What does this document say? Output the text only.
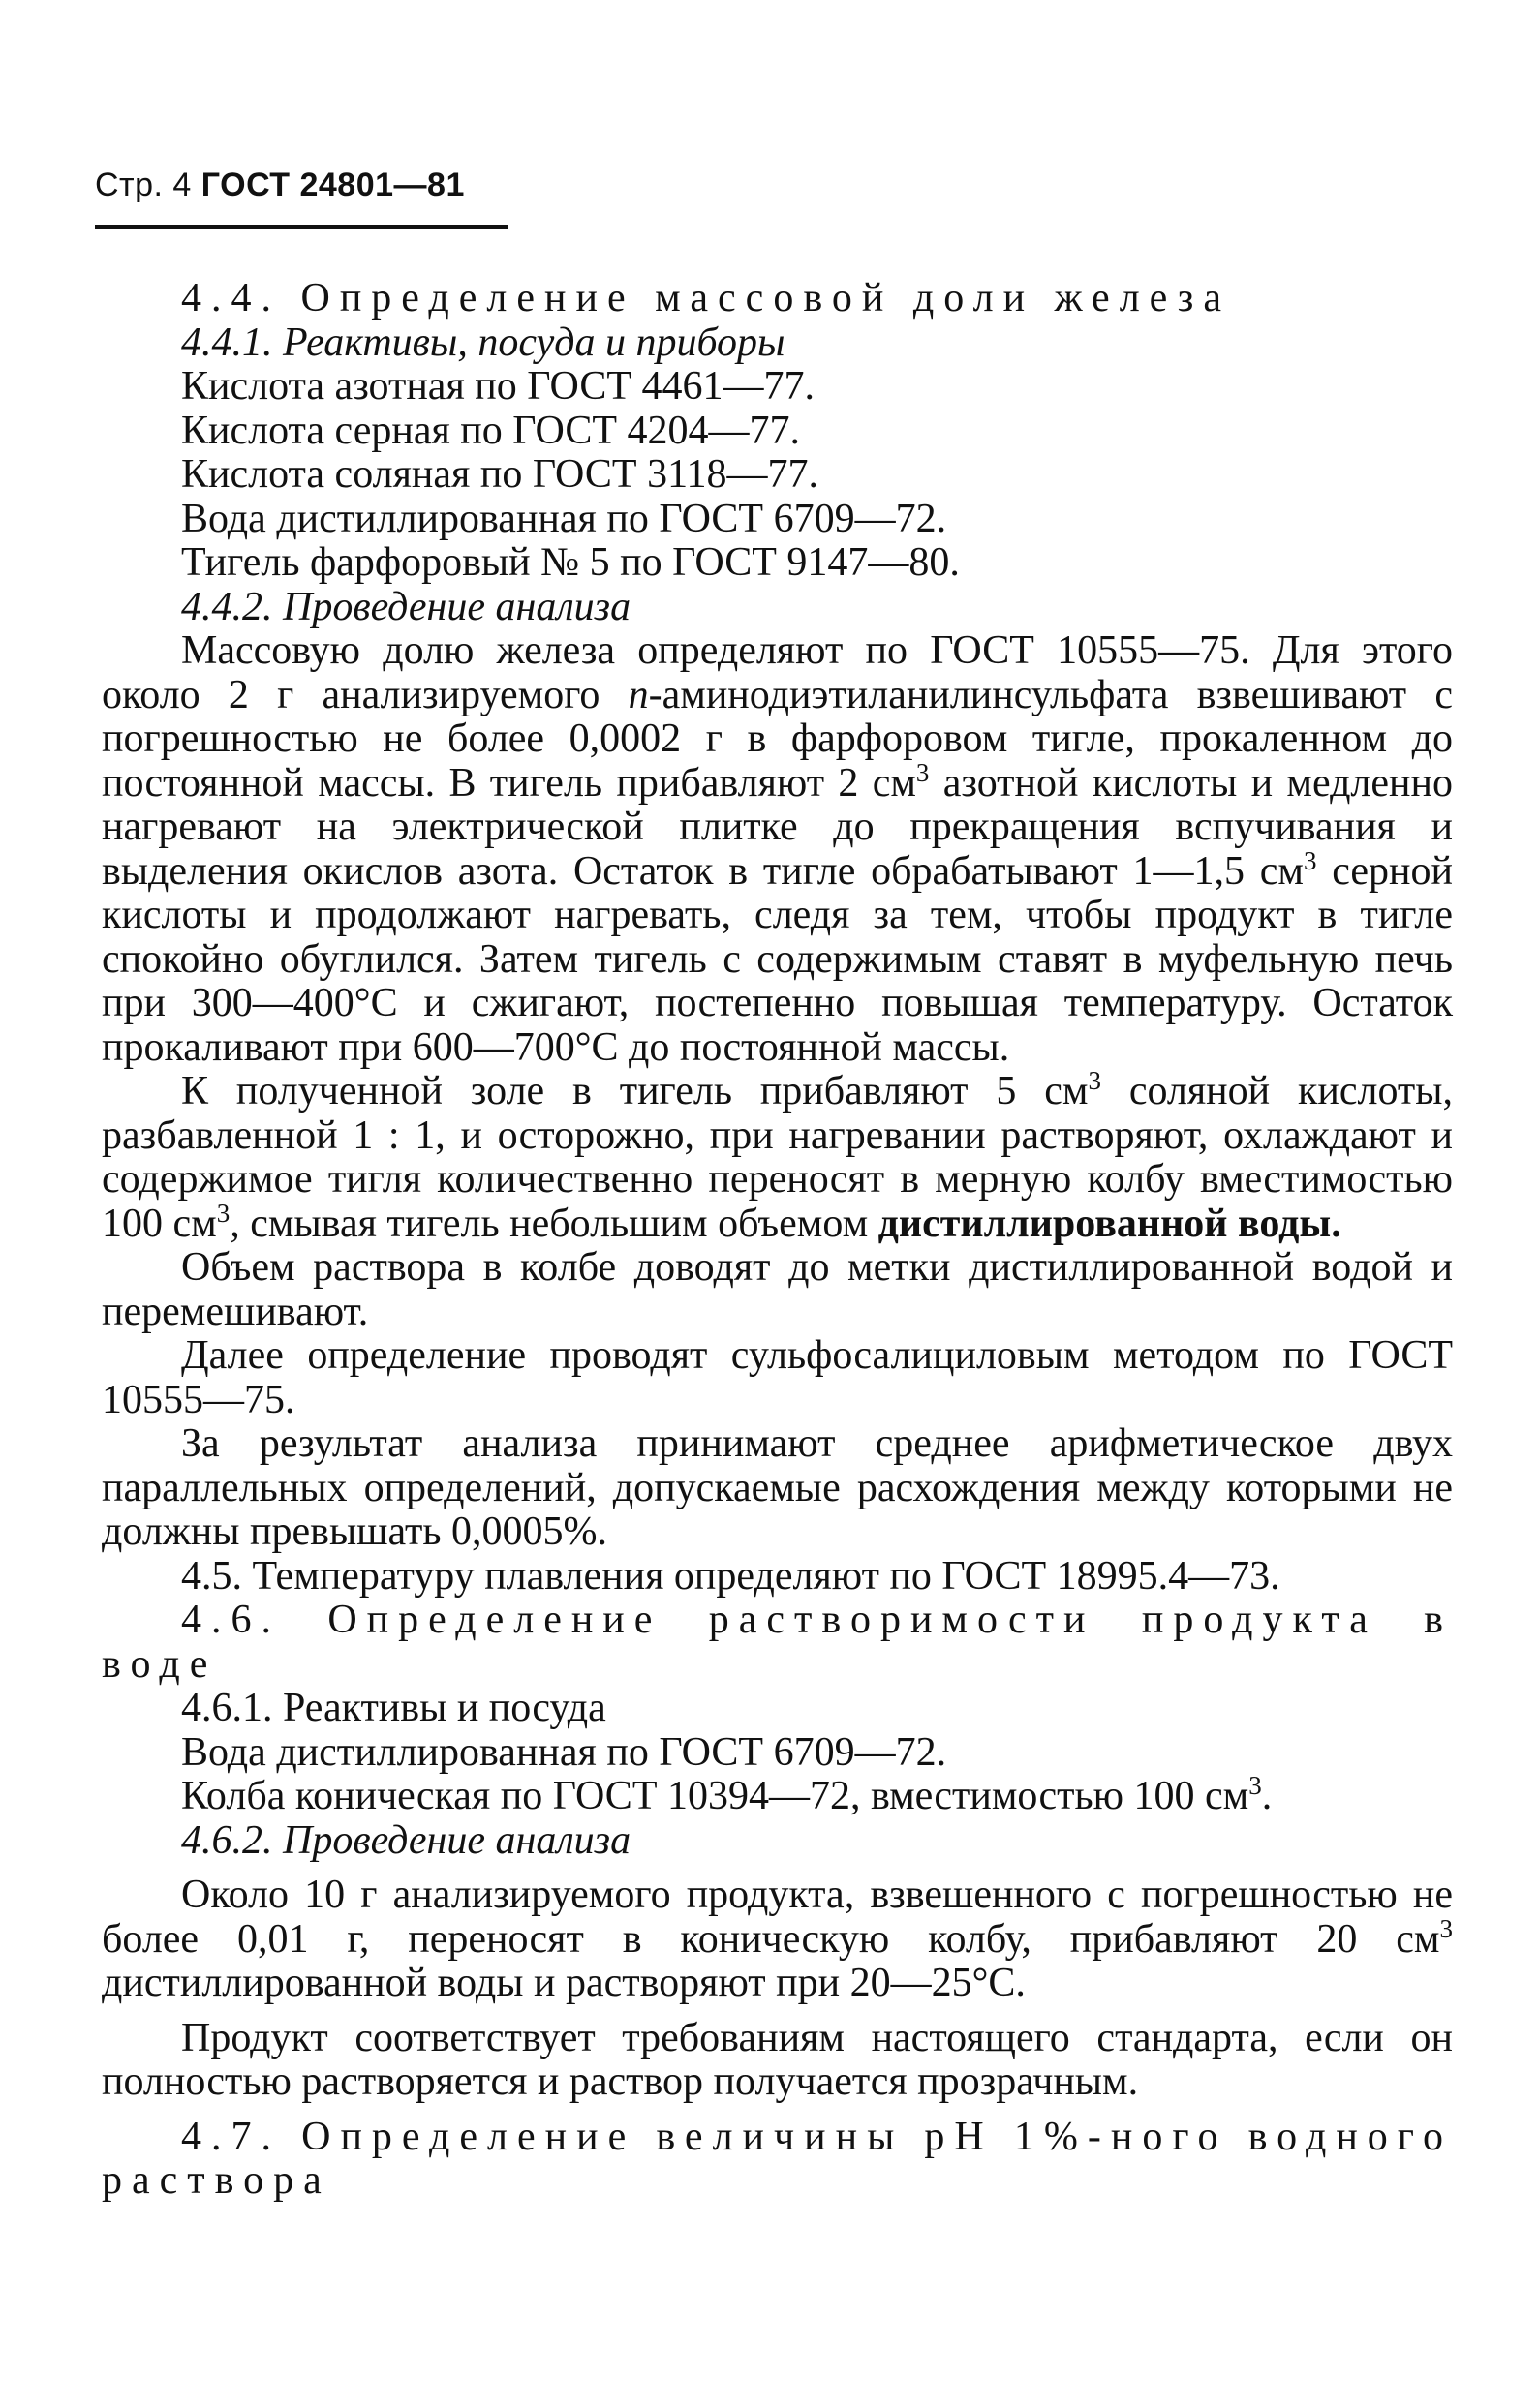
Стр. 4 ГОСТ 24801—81

4.4. Определение массовой доли железа

4.4.1. Реактивы, посуда и приборы

Кислота азотная по ГОСТ 4461—77.

Кислота серная по ГОСТ 4204—77.

Кислота соляная по ГОСТ 3118—77.

Вода дистиллированная по ГОСТ 6709—72.

Тигель фарфоровый № 5 по ГОСТ 9147—80.

4.4.2. Проведение анализа

Массовую долю железа определяют по ГОСТ 10555—75. Для этого около 2 г анализируемого п-аминодиэтиланилинсульфата взвешивают с погрешностью не более 0,0002 г в фарфоровом тигле, прокаленном до постоянной массы. В тигель прибавляют 2 $см^3$ азотной кислоты и медленно нагревают на электрической плитке до прекращения вспучивания и выделения окислов азота. Остаток в тигле обрабатывают 1—1,5 $см^3$ серной кислоты и продолжают нагревать, следя за тем, чтобы продукт в тигле спокойно обуглился. Затем тигель с содержимым ставят в муфельную печь при 300—400°С и сжигают, постепенно повышая температуру. Остаток прокаливают при 600—700°С до постоянной массы.

К полученной золе в тигель прибавляют 5 $см^3$ соляной кислоты, разбавленной 1 : 1, и осторожно, при нагревании растворяют, охлаждают и содержимое тигля количественно переносят в мерную колбу вместимостью 100 $см^3$, смывая тигель небольшим объемом дистиллированной воды.

Объем раствора в колбе доводят до метки дистиллированной водой и перемешивают.

Далее определение проводят сульфосалициловым методом по ГОСТ 10555—75.

За результат анализа принимают среднее арифметическое двух параллельных определений, допускаемые расхождения между которыми не должны превышать 0,0005%.

4.5. Температуру плавления определяют по ГОСТ 18995.4—73.

4.6. Определение растворимости продукта в воде

4.6.1. Реактивы и посуда

Вода дистиллированная по ГОСТ 6709—72.

Колба коническая по ГОСТ 10394—72, вместимостью 100 $см^3$.

4.6.2. Проведение анализа

Около 10 г анализируемого продукта, взвешенного с погрешностью не более 0,01 г, переносят в коническую колбу, прибавляют 20 $см^3$ дистиллированной воды и растворяют при 20—25°С.

Продукт соответствует требованиям настоящего стандарта, если он полностью растворяется и раствор получается прозрачным.

4.7. Определение величины pH 1%-ного водного раствора
